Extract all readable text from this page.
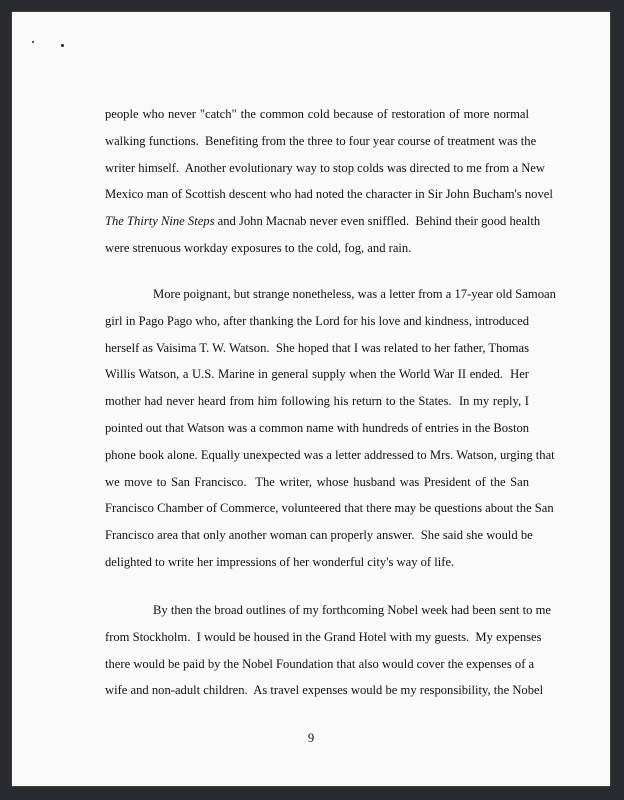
people who never "catch" the common cold because of restoration of more normal
walking functions.  Benefiting from the three to four year course of treatment was the
writer himself.  Another evolutionary way to stop colds was directed to me from a New
Mexico man of Scottish descent who had noted the character in Sir John Bucham's novel
The Thirty Nine Steps and John Macnab never even sniffled.  Behind their good health
were strenuous workday exposures to the cold, fog, and rain.
More poignant, but strange nonetheless, was a letter from a 17-year old Samoan
girl in Pago Pago who, after thanking the Lord for his love and kindness, introduced
herself as Vaisima T. W. Watson.  She hoped that I was related to her father, Thomas
Willis Watson, a U.S. Marine in general supply when the World War II ended.  Her
mother had never heard from him following his return to the States.  In my reply, I
pointed out that Watson was a common name with hundreds of entries in the Boston
phone book alone. Equally unexpected was a letter addressed to Mrs. Watson, urging that
we move to San Francisco.  The writer, whose husband was President of the San
Francisco Chamber of Commerce, volunteered that there may be questions about the San
Francisco area that only another woman can properly answer.  She said she would be
delighted to write her impressions of her wonderful city's way of life.
By then the broad outlines of my forthcoming Nobel week had been sent to me
from Stockholm.  I would be housed in the Grand Hotel with my guests.  My expenses
there would be paid by the Nobel Foundation that also would cover the expenses of a
wife and non-adult children.  As travel expenses would be my responsibility, the Nobel
9
